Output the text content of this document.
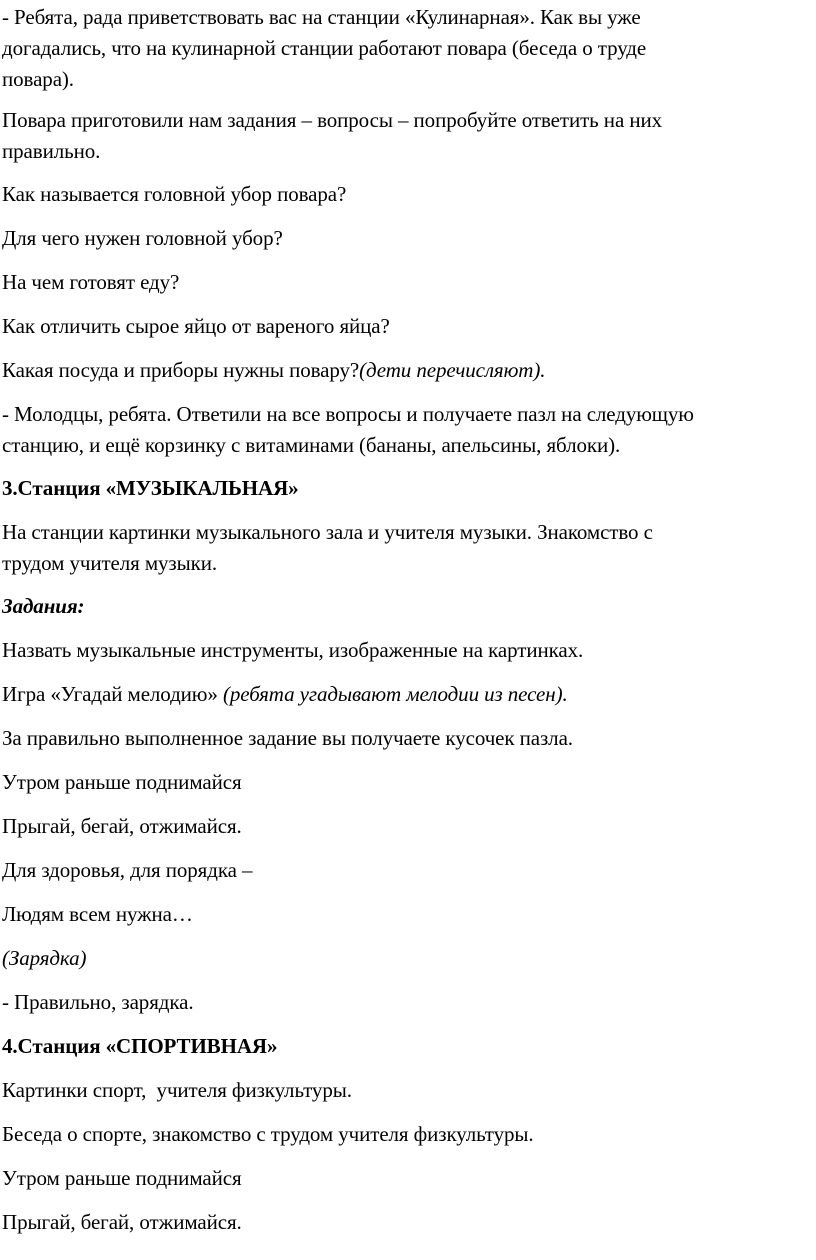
- Ребята, рада приветствовать вас на станции «Кулинарная». Как вы уже
догадались, что на кулинарной станции работают повара (беседа о труде
повара).

Повара приготовили нам задания – вопросы – попробуйте ответить на них
правильно.

Как называется головной убор повара?

Для чего нужен головной убор?

На чем готовят еду?

Как отличить сырое яйцо от вареного яйца?

Какая посуда и приборы нужны повару?(дети перечисляют).

- Молодцы, ребята. Ответили на все вопросы и получаете пазл на следующую
станцию, и ещё корзинку с витаминами (бананы, апельсины, яблоки).

3.Станция «МУЗЫКАЛЬНАЯ»

На станции картинки музыкального зала и учителя музыки. Знакомство с
трудом учителя музыки.

Задания:

Назвать музыкальные инструменты, изображенные на картинках.

Игра «Угадай мелодию» (ребята угадывают мелодии из песен).

За правильно выполненное задание вы получаете кусочек пазла.

Утром раньше поднимайся

Прыгай, бегай, отжимайся.

Для здоровья, для порядка –

Людям всем нужна…

(Зарядка)

- Правильно, зарядка.

4.Станция «СПОРТИВНАЯ»

Картинки спорт,  учителя физкультуры.

Беседа о спорте, знакомство с трудом учителя физкультуры.

Утром раньше поднимайся

Прыгай, бегай, отжимайся.
